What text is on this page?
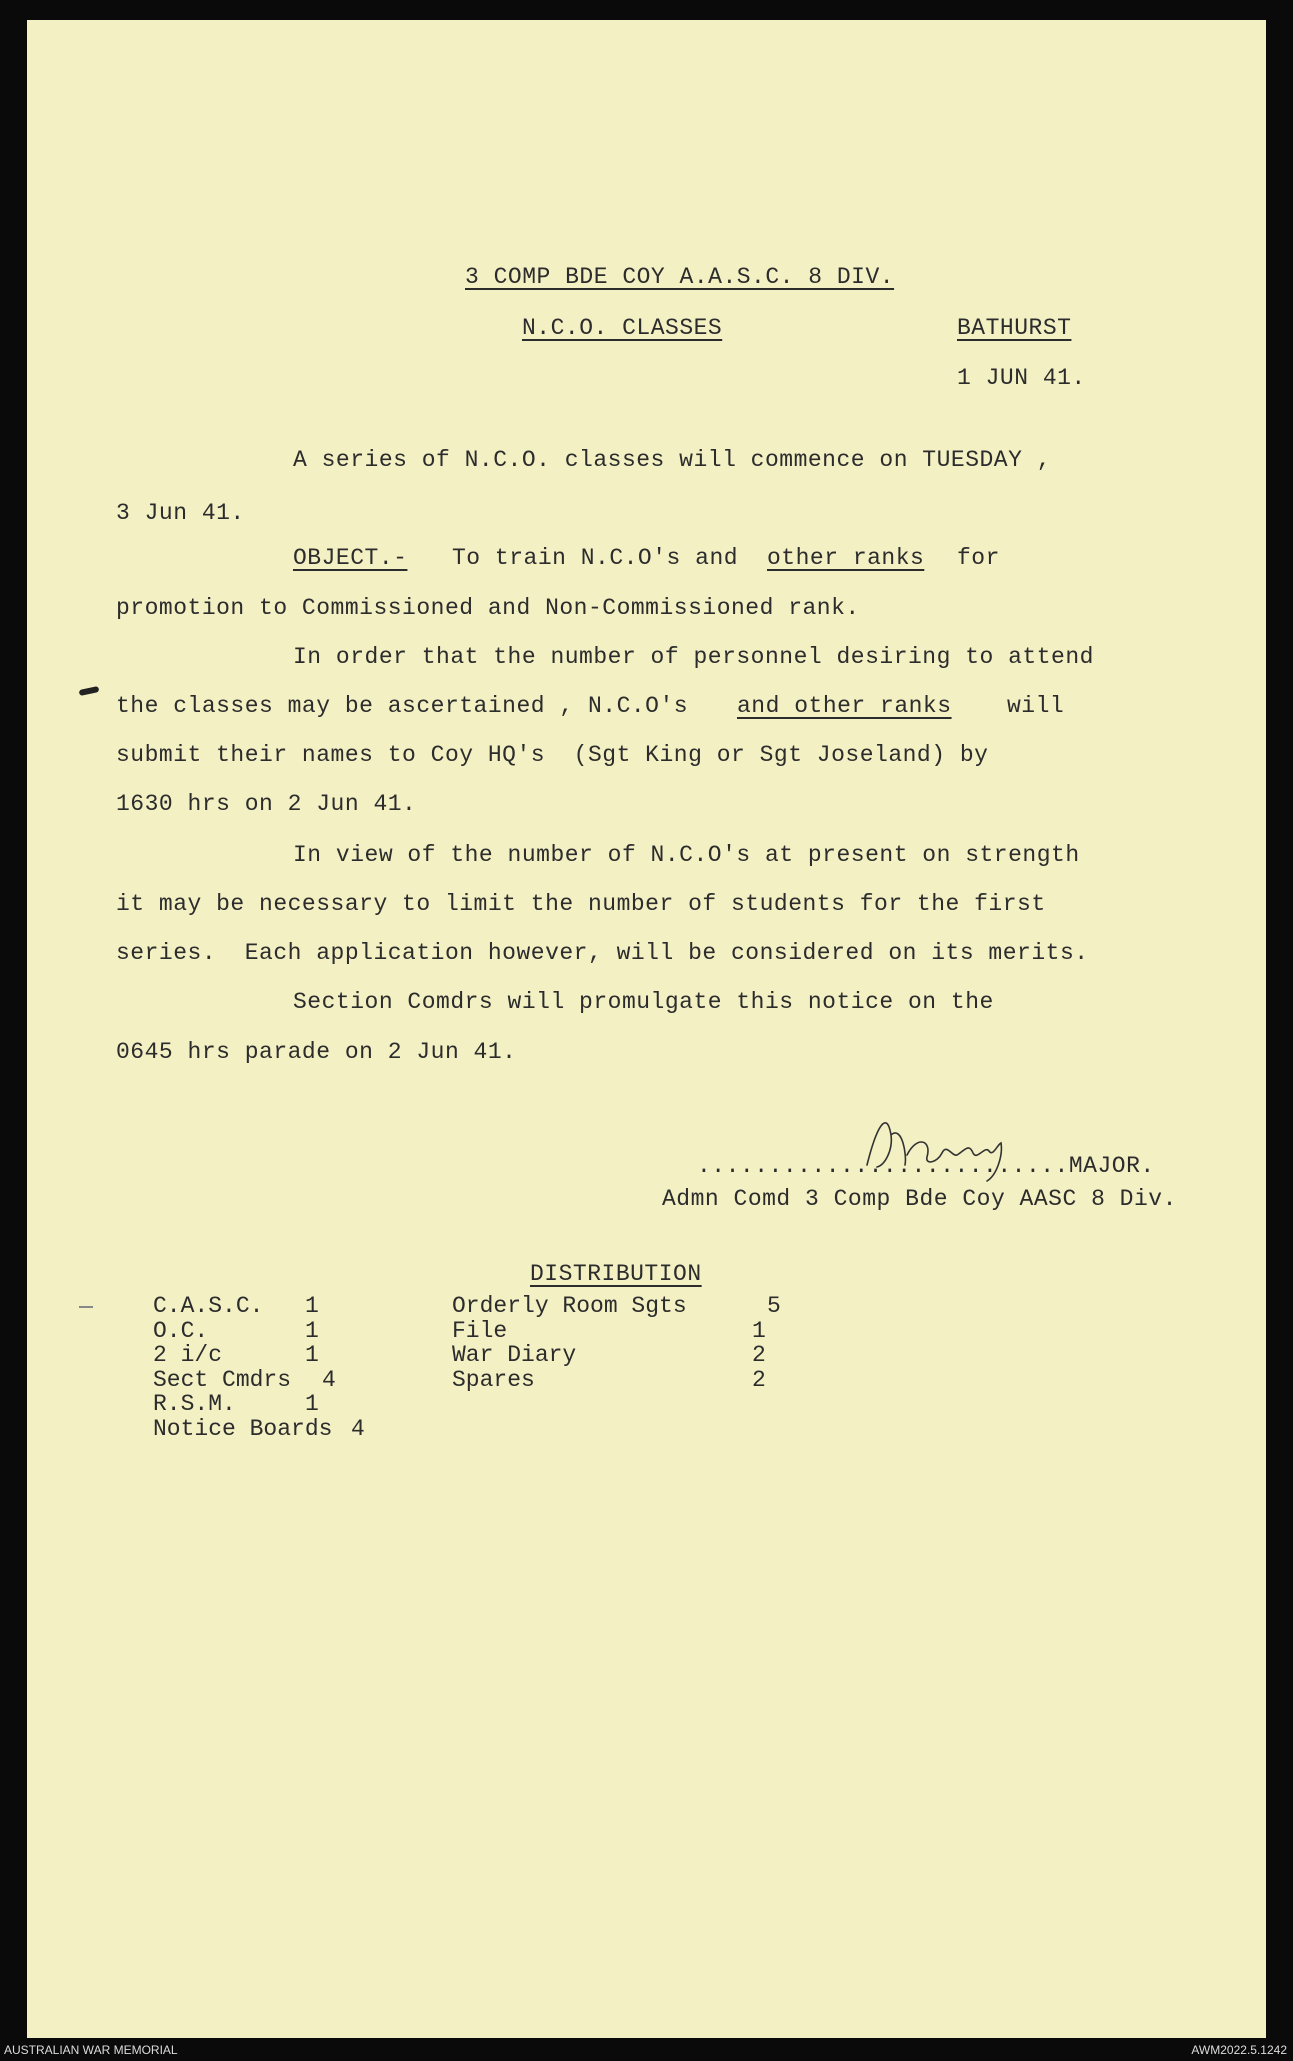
3 COMP BDE COY A.A.S.C. 8 DIV.
N.C.O. CLASSES	BATHURST
1 JUN 41.
A series of N.C.O. classes will commence on TUESDAY ,
3 Jun 41.
OBJECT.- To train N.C.O's and other ranks for
promotion to Commissioned and Non-Commissioned rank.
In order that the number of personnel desiring to attend
the classes may be ascertained , N.C.O's and other ranks will
submit their names to Coy HQ's  (Sgt King or Sgt Joseland) by
1630 hrs on 2 Jun 41.
In view of the number of N.C.O's at present on strength
it may be necessary to limit the number of students for the first
series.  Each application however, will be considered on its merits.
Section Comdrs will promulgate this notice on the
0645 hrs parade on 2 Jun 41.
..........................MAJOR.
Admn Comd 3 Comp Bde Coy AASC 8 Div.
DISTRIBUTION
C.A.S.C. 1
O.C.	1
2 i/c	1
Sect Cmdrs 4
R.S.M.	1
Notice Boards 4
Orderly Room Sgts	5
File	1
War Diary	2
Spares	2
AUSTRALIAN WAR MEMORIAL	AWM2022.5.1242
